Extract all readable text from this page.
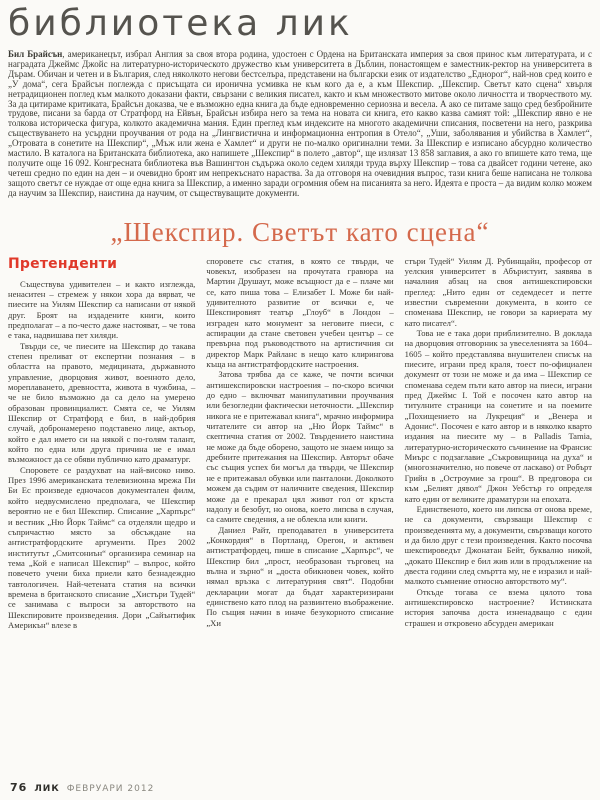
библиотека лик
Бил Брайсън, американецът, избрал Англия за своя втора родина, удостоен с Ордена на Британската империя за своя принос към литературата, и с наградата Джеймс Джойс на литературно-историческото дружество към университета в Дъблин, понастоящем е заместник-ректор на университета в Дърам. Обичан и четен и в България, след няколкото негови бестселъра, представени на български език от издателство „Еднорог“, най-нов сред които е „У дома“, сега Брайсън поглежда с присъщата си иронична усмивка не към кого да е, а към Шекспир. „Шекспир. Светът като сцена“ хвърля нетрадиционен поглед към малкото доказани факти, свързани с великия писател, както и към множеството митове около личността и творчеството му. За да цитираме критиката, Брайсън доказва, че е възможно една книга да бъде едновременно сериозна и весела. А ако се питаме защо сред безбройните трудове, писани за барда от Стратфорд на Ейвън, Брайсън избира него за тема на новата си книга, ето какво казва самият той: „Шекспир явно е не толкова историческа фигура, колкото академична мания. Един преглед към индексите на многото академични списания, посветени на него, разкрива съществуването на усърдни проучвания от рода на „Лингвистична и информационна ентропия в Отело“, „Уши, заболявания и убийства в Хамлет“, „Отровата в сонетите на Шекспир“, „Мъж или жена е Хамлет“ и други не по-малко оригинални теми. За Шекспир е изписано абсурдно количество мастило. В каталога на Британската библиотека, ако напишете „Шекспир“ в полето „автор“, ще излязат 13 858 заглавия, а ако го впишете като тема, ще получите още 16 092. Конгресната библиотека във Вашингтон съдържа около седем хиляди труда върху Шекспир – това са двайсет години четене, ако четеш средно по един на ден – и очевидно броят им непрекъснато нараства. За да отговоря на очевидния въпрос, тази книга беше написана не толкова защото светът се нуждае от още една книга за Шекспир, а именно заради огромния обем на писанията за него. Идеята е проста – да видим колко можем да научим за Шекспир, наистина да научим, от съществуващите документи.
„Шекспир. Светът като сцена“
Претенденти

Съществува удивителен – и както изглежда, ненаситен – стремеж у някои хора да вярват, че пиесите на Уилям Шекспир са написани от някой друг. Броят на издадените книги, които предполагат – а по-често даже настояват, – че това е така, надвишава пет хиляди.

Твърди се, че пиесите на Шекспир до такава степен преливат от експертни познания – в областта на правото, медицината, държавното управление, дворцовия живот, военното дело, мореплаването, древността, живота в чужбина, – че не било възможно да са дело на умерено образован провинциалист. Смята се, че Уилям Шекспир от Стратфорд е бил, в най-добрия случай, добронамерено подставено лице, актьор, който е дал името си на някой с по-голям талант, който по една или друга причина не е имал възможност да се обяви публично като драматург.

Споровете се раздухват на най-високо ниво. През 1996 американската телевизионна мрежа Пи Би Ес произведе едночасов документален филм, който недвусмислено предполага, че Шекспир вероятно не е бил Шекспир. Списание „Харпърс“ и вестник „Ню Йорк Таймс“ са отделяли щедро и съпричастно място за обсъждане на антистратфордските аргументи. През 2002 институтът „Смитсониън“ организира семинар на тема „Кой е написал Шекспир“ – въпрос, който повечето учени биха приели като безнадеждно тавтологичен. Най-четената статия на всички времена в британското списание „Хистъри Тудей“ се занимава с въпроси за авторството на Шекспировите произведения. Дори „Сайънтифик Америкън“ влезе в

споровете със статия, в която се твърди, че човекът, изобразен на прочутата гравюра на Мартин Друшаут, може всъщност да е – плаче ми се, като пиша това – Елизабет I. Може би най-удивителното развитие от всички е, че Шекспировият театър „Глоуб“ в Лондон – изграден като монумент за неговите пиеси, с аспирации да стане световен учебен център – се превърна под ръководството на артистичния си директор Марк Райланс в нещо като клирингова къща на антистратфордските настроения.

Затова трябва да се каже, че почти всички антишекспировски настроения – по-скоро всички до едно – включват манипулативни проучвания или безогледни фактически неточности. „Шекспир никога не е притежавал книга“, мрачно информира читателите си автор на „Ню Йорк Таймс“ в скептична статия от 2002. Твърдението наистина не може да бъде оборено, защото не знаем нищо за дребните притежания на Шекспир. Авторът обаче със същия успех би могъл да твърди, че Шекспир не е притежавал обувки или панталони. Доколкото можем да съдим от наличните сведения, Шекспир може да е прекарал цял живот гол от кръста надолу и безобут, но онова, което липсва в случая, са самите сведения, а не облекла или книги.

Даниел Райт, преподавател в университета „Конкордия“ в Портланд, Орегон, и активен антистратфордец, пише в списание „Харпърс“, че Шекспир бил „прост, необразован търговец на вълна и зърно“ и „доста обикновен човек, който нямал връзка с литературния свят“. Подобни декларации могат да бъдат характеризирани единствено като плод на развинтено въображение. По същия начин в иначе безукорното списание „Хи

стъри Тудей“ Уилям Д. Рубинщайн, професор от уелския университет в Абъристуит, заявява в началния абзац на своя антишекспировски преглед: „Нито един от седемдесет и петте известни съвременни документа, в които се споменава Шекспир, не говори за кариерата му като писател“.

Това не е така дори приблизително. В доклада на дворцовия отговорник за увеселенията за 1604–1605 – който представлява внушителен списък на пиесите, играни пред краля, тоест по-официален документ от този не може и да има – Шекспир се споменава седем пъти като автор на пиеси, играни пред Джеймс I. Той е посочен като автор на титулните страници на сонетите и на поемите „Похищението на Лукреция“ и „Венера и Адонис“. Посочен е като автор и в няколко кварто издания на пиесите му – в Palladis Tamia, литературно-историческото съчинение на Франсис Миърс с подзаглавие „Съкровищница на духа“ и (многозначително, но повече от ласкаво) от Робърт Грийн в „Остроумие за грош“. В предговора си към „Белият дявол“ Джон Уебстър го определя като един от великите драматурзи на епохата.

Единственото, което ни липсва от онова време, не са документи, свързващи Шекспир с произведенията му, а документи, свързващи когото и да било друг с тези произведения. Както посочва шекспироведът Джонатан Бейт, буквално никой, „докато Шекспир е бил жив или в продължение на двеста години след смъртта му, не е изразил и най-малкото съмнение относно авторството му“.

Откъде тогава се взема цялото това антишекспировско настроение? Истинската история започва доста изненадващо с един страшен и откровено абсурден американ

76 ЛИК ФЕВРУАРИ 2012
